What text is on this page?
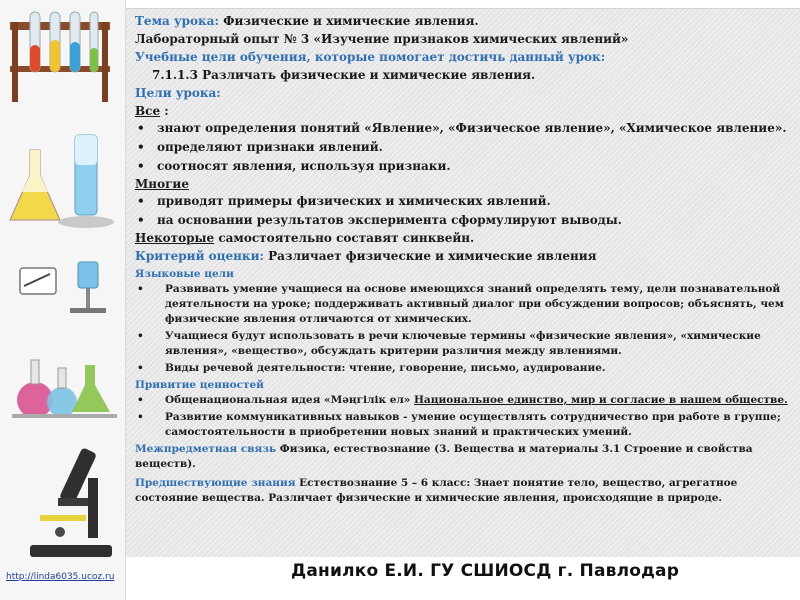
http://linda6035.ucoz.ru
Тема урока: Физические и химические явления.
Лабораторный опыт № 3 «Изучение признаков химических явлений»
Учебные цели обучения, которые помогает достичь данный урок:
7.1.1.3 Различать физические и химические явления.
Цели урока:
Все :
• знают определения понятий «Явление», «Физическое явление», «Химическое явление».
• определяют признаки явлений.
• соотносят явления, используя признаки.
Многие
• приводят примеры физических и химических явлений.
• на основании результатов эксперимента сформулируют выводы.
Некоторые самостоятельно составят синквейн.
Критерий оценки: Различает физические и химические явления
Языковые цели
• Развивать умение учащиеся на основе имеющихся знаний определять тему, цели познавательной деятельности на уроке; поддерживать активный диалог при обсуждении вопросов; объяснять, чем физические явления отличаются от химических.
• Учащиеся будут использовать в речи ключевые термины «физические явления», «химические явления», «вещество», обсуждать критерии различия между явлениями.
• Виды речевой деятельности: чтение, говорение, письмо, аудирование.
Привитие ценностей
• Общенациональная идея «Мәңгілік ел» Национальное единство, мир и согласие в нашем обществе.
• Развитие коммуникативных навыков - умение осуществлять сотрудничество при работе в группе; самостоятельности в приобретении новых знаний и практических умений.
Межпредметная связь Физика, естествознание (3. Вещества и материалы 3.1 Строение и свойства веществ).
Предшествующие знания Естествознание 5 – 6 класс: Знает понятие тело, вещество, агрегатное состояние вещества. Различает физические и химические явления, происходящие в природе.
Данилко Е.И. ГУ СШИОСД г. Павлодар
